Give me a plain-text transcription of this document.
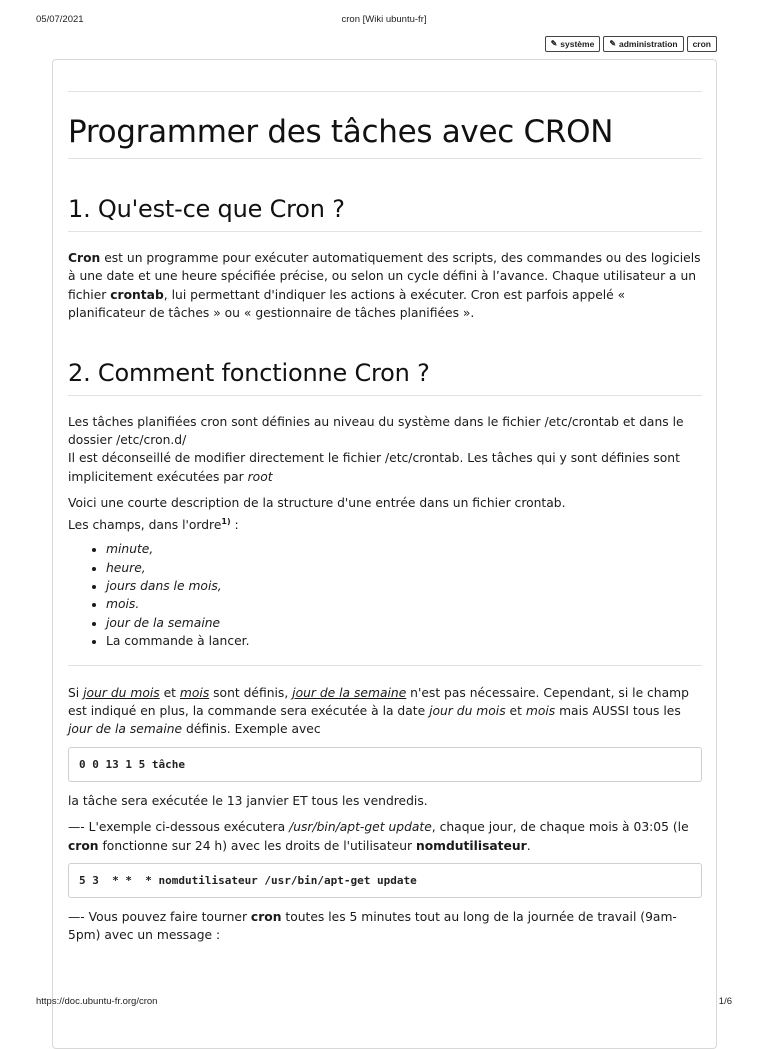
05/07/2021	cron [Wiki ubuntu-fr]
✎ système ✎ administration cron
Programmer des tâches avec CRON
1. Qu'est-ce que Cron ?

Cron est un programme pour exécuter automatiquement des scripts, des commandes ou des logiciels à une date et une heure spécifiée précise, ou selon un cycle défini à l’avance. Chaque utilisateur a un fichier crontab, lui permettant d'indiquer les actions à exécuter. Cron est parfois appelé « planificateur de tâches » ou « gestionnaire de tâches planifiées ».

2. Comment fonctionne Cron ?

Les tâches planifiées cron sont définies au niveau du système dans le fichier /etc/crontab et dans le dossier /etc/cron.d/
Il est déconseillé de modifier directement le fichier /etc/crontab. Les tâches qui y sont définies sont implicitement exécutées par root

Voici une courte description de la structure d'une entrée dans un fichier crontab.
Les champs, dans l'ordre$^{1)}$ :

• minute,
• heure,
• jours dans le mois,
• mois.
• jour de la semaine
• La commande à lancer.

Si jour du mois et mois sont définis, jour de la semaine n'est pas nécessaire. Cependant, si le champ est indiqué en plus, la commande sera exécutée à la date jour du mois et mois mais AUSSI tous les jour de la semaine définis. Exemple avec

0 0 13 1 5 tâche

la tâche sera exécutée le 13 janvier ET tous les vendredis.

—- L'exemple ci-dessous exécutera /usr/bin/apt-get update, chaque jour, de chaque mois à 03:05 (le cron fonctionne sur 24 h) avec les droits de l'utilisateur nomdutilisateur.

5 3  * *  * nomdutilisateur /usr/bin/apt-get update

—- Vous pouvez faire tourner cron toutes les 5 minutes tout au long de la journée de travail (9am-5pm) avec un message :

https://doc.ubuntu-fr.org/cron	1/6
